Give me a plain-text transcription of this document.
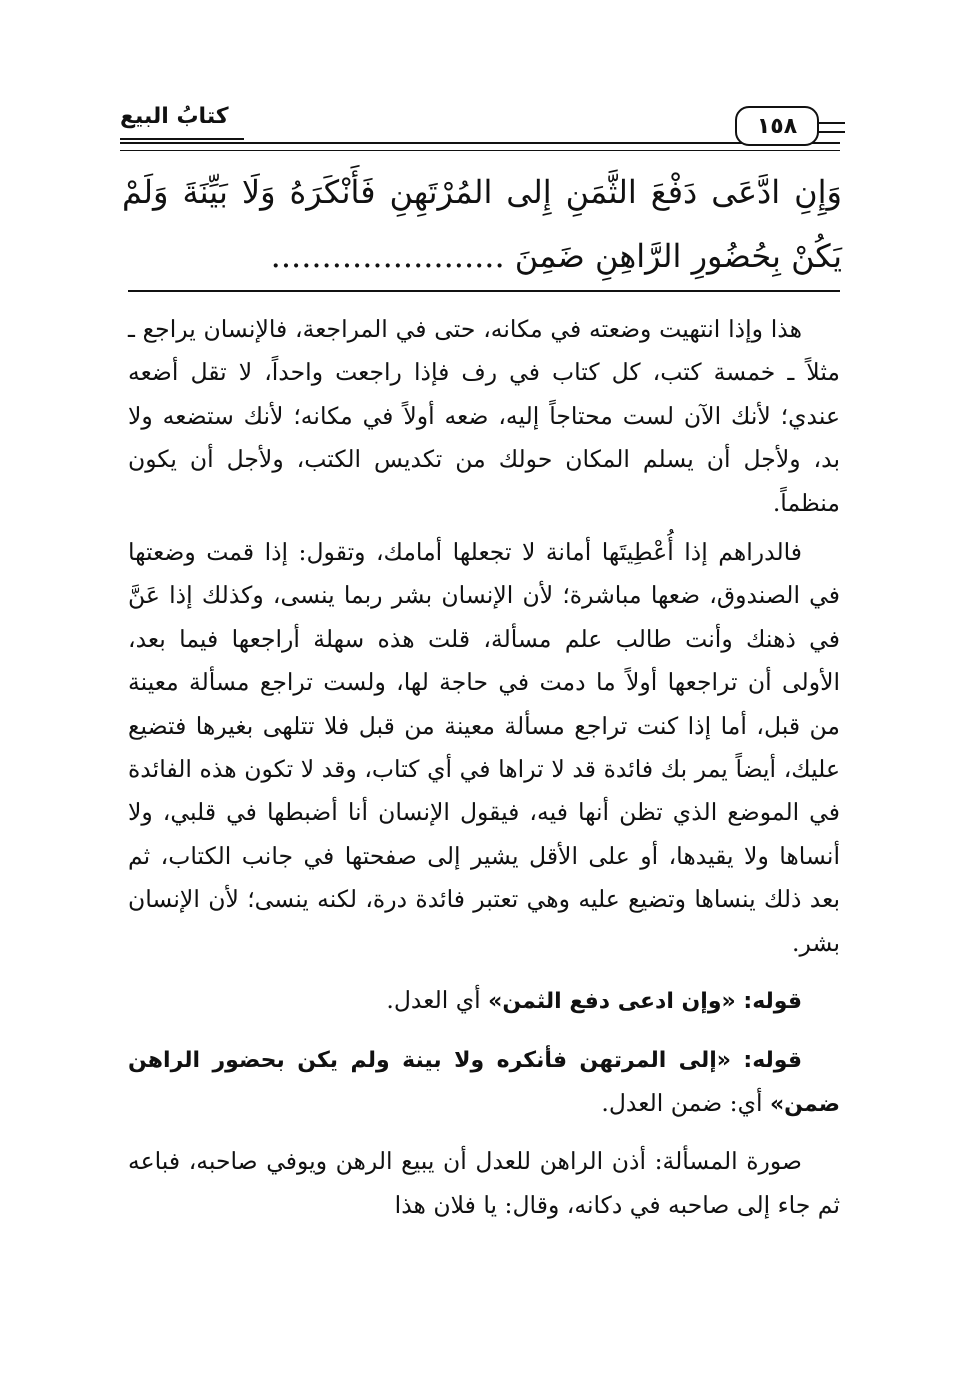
كتابُ البيع	١٥٨
وَإِنِ ادَّعَى دَفْعَ الثَّمَنِ إِلى المُرْتَهِنِ فَأَنْكَرَهُ وَلَا بَيِّنَةَ وَلَمْ يَكُنْ بِحُضُورِ الرَّاهِنِ ضَمِنَ .......................

هذا وإذا انتهيت وضعته في مكانه، حتى في المراجعة، فالإنسان يراجع ـ مثلاً ـ خمسة كتب، كل كتاب في رف فإذا راجعت واحداً، لا تقل أضعه عندي؛ لأنك الآن لست محتاجاً إليه، ضعه أولاً في مكانه؛ لأنك ستضعه ولا بد، ولأجل أن يسلم المكان حولك من تكديس الكتب، ولأجل أن يكون منظماً.

فالدراهم إذا أُعْطِيتَها أمانة لا تجعلها أمامك، وتقول: إذا قمت وضعتها في الصندوق، ضعها مباشرة؛ لأن الإنسان بشر ربما ينسى، وكذلك إذا عَنَّ في ذهنك وأنت طالب علم مسألة، قلت هذه سهلة أراجعها فيما بعد، الأولى أن تراجعها أولاً ما دمت في حاجة لها، ولست تراجع مسألة معينة من قبل، أما إذا كنت تراجع مسألة معينة من قبل فلا تتلهى بغيرها فتضيع عليك، أيضاً يمر بك فائدة قد لا تراها في أي كتاب، وقد لا تكون هذه الفائدة في الموضع الذي تظن أنها فيه، فيقول الإنسان أنا أضبطها في قلبي، ولا أنساها ولا يقيدها، أو على الأقل يشير إلى صفحتها في جانب الكتاب، ثم بعد ذلك ينساها وتضيع عليه وهي تعتبر فائدة درة، لكنه ينسى؛ لأن الإنسان بشر.

قوله: «وإن ادعى دفع الثمن» أي العدل.

قوله: «إلى المرتهن فأنكره ولا بينة ولم يكن بحضور الراهن ضمن» أي: ضمن العدل.

صورة المسألة: أذن الراهن للعدل أن يبيع الرهن ويوفي صاحبه، فباعه ثم جاء إلى صاحبه في دكانه، وقال: يا فلان هذا
